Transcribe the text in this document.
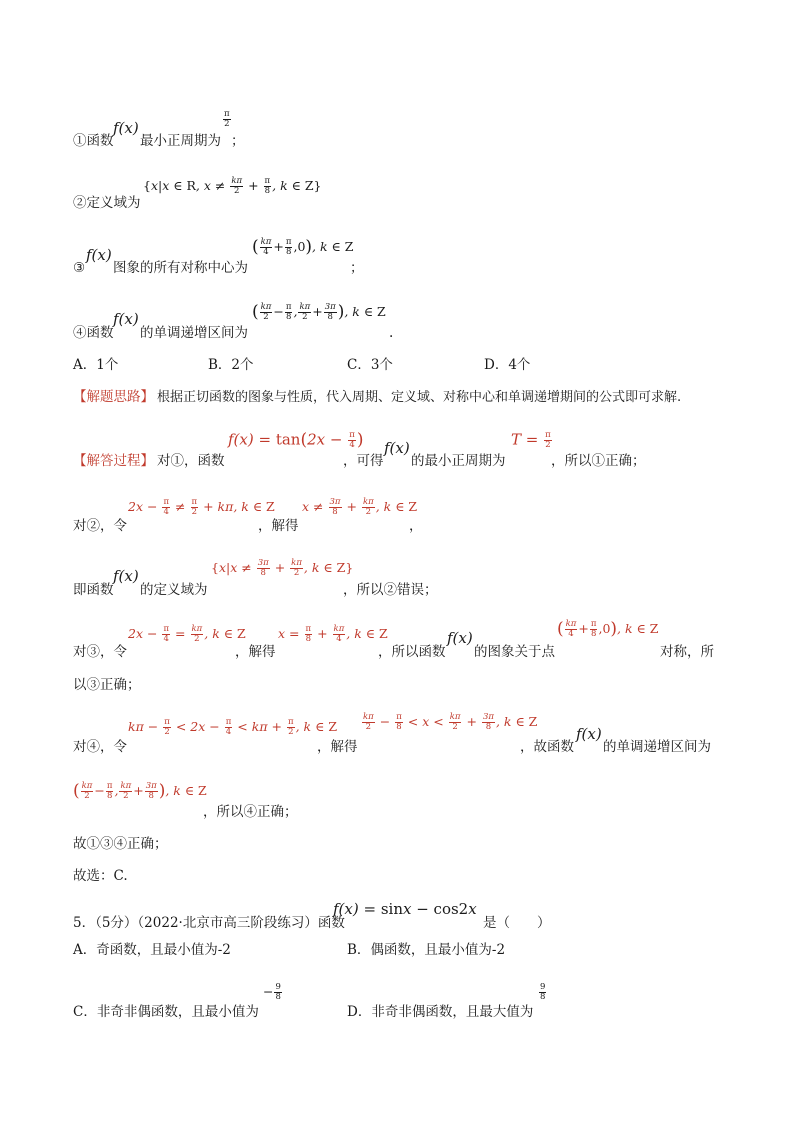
①函数
f(x)
最小正周期为
$\frac{\pi}{2}$
；
②定义域为
{x|x ∈ R, $x \ne \frac{k\pi}{2} + \frac{\pi}{8}$ , k ∈ Z}
③
f(x)
图象的所有对称中心为
( $\frac{k\pi}{4} + \frac{\pi}{8} ,0$), k ∈ Z
；
④函数
f(x)
的单调递增区间为
( $\frac{k\pi}{2} - \frac{\pi}{8}$ , $\frac{k\pi}{2} + \frac{3\pi}{8}$ ), k ∈ Z
.
A．1个	B．2个	C．3个	D．4个
【解题思路】 根据正切函数的图象与性质，代入周期、定义域、对称中心和单调递增期间的公式即可求解.
【解答过程】 对①，函数
$f(x) = \tan(2x - \frac{\pi}{4}$ )
，可得
f(x)
的最小正周期为
$T = \frac{\pi}{2}$
，所以①正确；
$2x - \frac{\pi}{4} \ne \frac{\pi}{2} + k\pi$, k ∈ Z
对②，令	，解得
$x \ne \frac{3\pi}{8} + \frac{k\pi}{2}$ , k ∈ Z
，
即函数
f(x)
的定义域为
{$x|x \ne \frac{3\pi}{8} + \frac{k\pi}{2}$ , k ∈ Z}
，所以②错误；
$2x - \frac{\pi}{4} = \frac{k\pi}{2}$ , k ∈ Z
对③，令	，解得
$x = \frac{\pi}{8} + \frac{k\pi}{4}$ , k ∈ Z
，所以函数
f(x)
的图象关于点
( $\frac{k\pi}{4} + \frac{\pi}{8} ,0$), k ∈ Z
对称，所
以③正确；
$k\pi - \frac{\pi}{2} < 2x - \frac{\pi}{4} < k\pi + \frac{\pi}{2}$ , k ∈ Z
对④，令	，解得
$\frac{k\pi}{2} - \frac{\pi}{8} < x < \frac{k\pi}{2} + \frac{3\pi}{8}$ , k ∈ Z
，故函数
f(x)
的单调递增区间为
( $\frac{k\pi}{2} - \frac{\pi}{8}$ , $\frac{k\pi}{2} + \frac{3\pi}{8}$ ), k ∈ Z
，所以④正确；
故①③④正确；
故选：C.
5．（5分）（2022·北京市高三阶段练习）函数
f(x) = sinx − cos2x
是（　　）
A．奇函数，且最小值为-2	B．偶函数，且最小值为-2
C．非奇非偶函数，且最小值为
− $\frac{9}{8}$
D．非奇非偶函数，且最大值为
$\frac{9}{8}$
